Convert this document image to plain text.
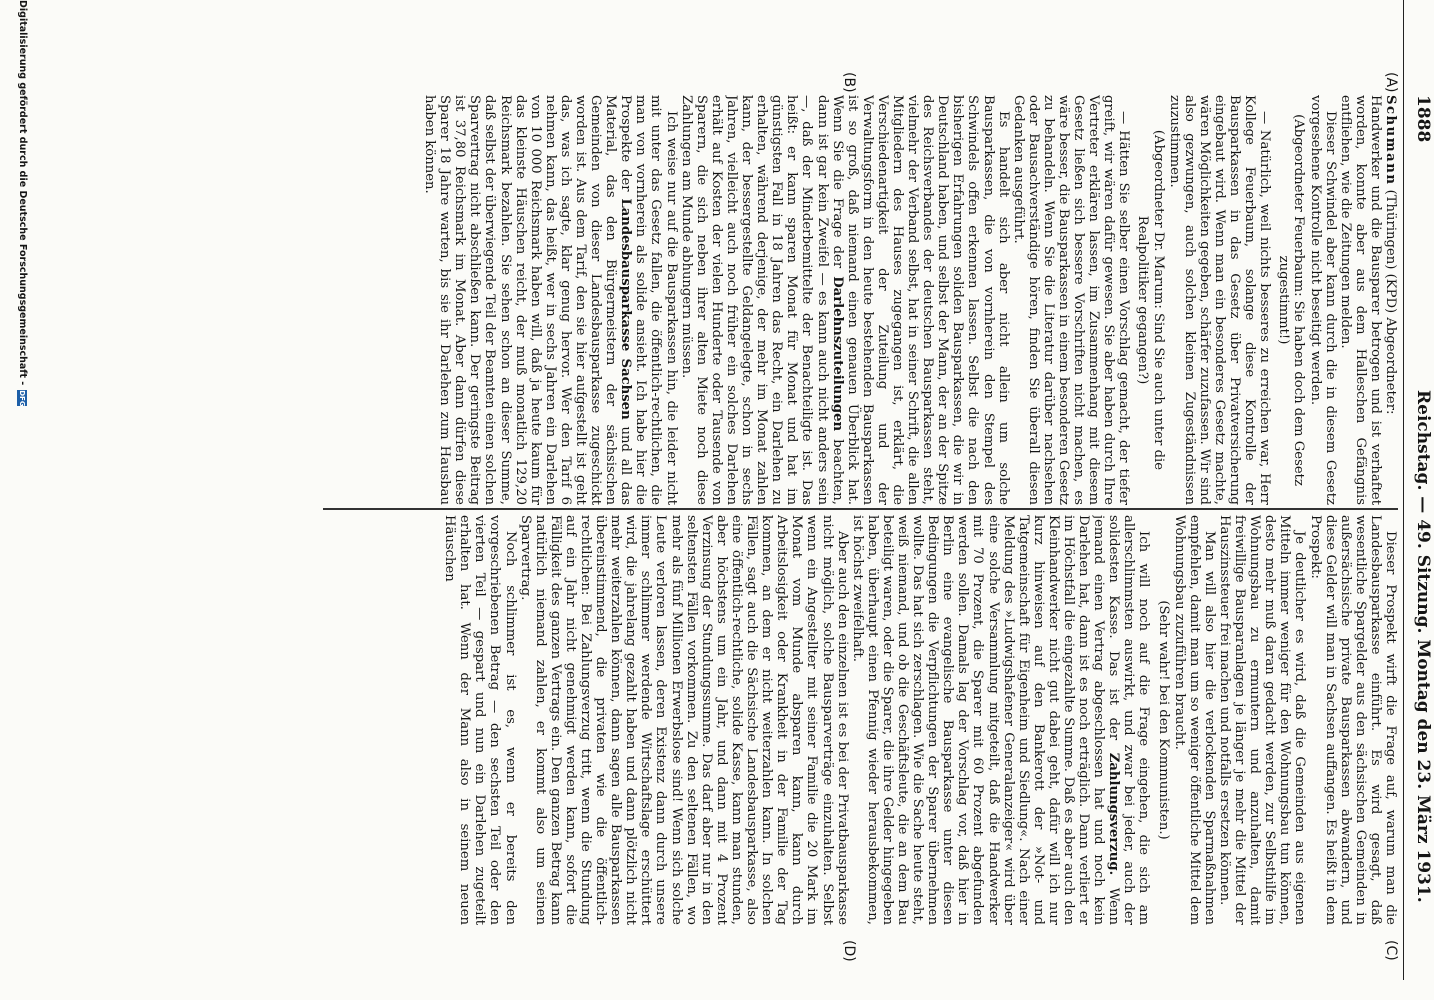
1888
Reichstag. — 49. Sitzung. Montag den 23. März 1931.
(A)
(B)
(C)
(D)

Schumann (Thüringen) (KPD) Abgeordneter:

Handwerker und die Bausparer betrogen und ist verhaftet worden, konnte aber aus dem Halleschen Gefängnis entfliehen, wie die Zeitungen melden.

Dieser Schwindel aber kann durch die in diesem Gesetz vorgesehene Kontrolle nicht beseitigt werden.

(Abgeordneter Feuerbaum: Sie haben doch dem Gesetz zugestimmt!)

— Natürlich, weil nichts besseres zu erreichen war, Herr Kollege Feuerbaum, solange diese Kontrolle der Bausparkassen in das Gesetz über Privatversicherung eingebaut wird. Wenn man ein besonderes Gesetz machte, wären Möglichkeiten gegeben, schärfer zuzufassen. Wir sind also gezwungen, auch solchen kleinen Zugeständnissen zuzustimmen.

(Abgeordneter Dr. Marum: Sind Sie auch unter die Realpolitiker gegangen?)

— Hätten Sie selber einen Vorschlag gemacht, der tiefer greift, wir wären dafür gewesen. Sie aber haben durch Ihre Vertreter erklären lassen, im Zusammenhang mit diesem Gesetz ließen sich bessere Vorschriften nicht machen, es wäre besser, die Bausparkassen in einem besonderen Gesetz zu behandeln. Wenn Sie die Literatur darüber nachsehen oder Bausachverständige hören, finden Sie überall diesen Gedanken ausgeführt.

Es handelt sich aber nicht allein um solche Bausparkassen, die von vornherein den Stempel des Schwindels offen erkennen lassen. Selbst die nach den bisherigen Erfahrungen soliden Bausparkassen, die wir in Deutschland haben, und selbst der Mann, der an der Spitze des Reichsverbandes der deutschen Bausparkassen steht, vielmehr der Verband selbst, hat in seiner Schrift, die allen Mitgliedern des Hauses zugegangen ist, erklärt, die Verschiedenartigkeit der Zuteilung und der Verwaltungsform in den heute bestehenden Bausparkassen ist so groß, daß niemand einen genauen Überblick hat. Wenn Sie die Frage der Darlehnszuteilungen beachten, dann ist gar kein Zweifel — es kann auch nicht anders sein —, daß der Minderbemittelte der Benachteiligte ist. Das heißt: er kann sparen Monat für Monat und hat im günstigsten Fall in 18 Jahren das Recht, ein Darlehen zu erhalten, während derjenige, der mehr im Monat zahlen kann, der bessergestellte Geldangelegte, schon in sechs Jahren, vielleicht auch noch früher ein solches Darlehen erhält auf Kosten der vielen Hunderte oder Tausende von Sparern, die sich neben ihrer alten Miete noch diese Zahlungen am Munde abhungern müssen.

Ich weise nur auf die Bausparkassen hin, die leider nicht mit unter das Gesetz fallen, die öffentlich-rechtlichen, die man von vornherein als solide ansieht. Ich habe hier die Prospekte der Landesbausparkasse Sachsen und all das Material, das den Bürgermeistern der sächsischen Gemeinden von dieser Landesbausparkasse zugeschickt worden ist. Aus dem Tarif, den sie hier aufgestellt ist geht das, was ich sagte, klar genug hervor. Wer den Tarif 6 nehmen kann, das heißt, wer in sechs Jahren ein Darlehen von 10 000 Reichsmark haben will, daß ja heute kaum für das kleinste Häuschen reicht, der muß monatlich 129,20 Reichsmark bezahlen. Sie sehen schon an dieser Summe, daß selbst der überwiegende Teil der Beamten einen solchen Sparvertrag nicht abschließen kann. Der geringste Beitrag ist 37,80 Reichsmark im Monat. Aber dann dürfen diese Sparer 18 Jahre warten, bis sie ihr Darlehen zum Hausbau haben können.

Dieser Prospekt wirft die Frage auf, warum man die Landesbausparkasse einführt. Es wird gesagt, daß wesentliche Spargelder aus den sächsischen Gemeinden in außersächsische private Bausparkassen abwandern, und diese Gelder will man in Sachsen auffangen. Es heißt in dem Prospekt:

Je deutlicher es wird, daß die Gemeinden aus eigenen Mitteln immer weniger für den Wohnungsbau tun können, desto mehr muß daran gedacht werden, zur Selbsthilfe im Wohnungsbau zu ermuntern und anzuhalten, damit freiwillige Bausparanlagen je länger je mehr die Mittel der Hauszinssteuer frei machen und notfalls ersetzen können.

Man will also hier die verlockenden Sparmaßnahmen empfehlen, damit man um so weniger öffentliche Mittel dem Wohnungsbau zuzuführen braucht.

(Sehr wahr! bei den Kommunisten.)

Ich will noch auf die Frage eingehen, die sich am allerschlimmsten auswirkt, und zwar bei jeder, auch der solidesten Kasse. Das ist der Zahlungsverzug. Wenn jemand einen Vertrag abgeschlossen hat und noch kein Darlehen hat, dann ist es noch erträglich. Dann verliert er im Höchstfall die eingezahlte Summe. Daß es aber auch den Kleinhandwerker nicht gut dabei geht, dafür will ich nur kurz hinweisen auf den Bankerott der »Not- und Tatgemeinschaft für Eigenheim und Siedlung«. Nach einer Meldung des »Ludwigshafener Generalanzeiger« wird über eine solche Versammlung mitgeteilt, daß die Handwerker mit 70 Prozent, die Sparer mit 60 Prozent abgefunden werden sollen. Damals lag der Vorschlag vor, daß hier in Berlin eine evangelische Bausparkasse unter diesen Bedingungen die Verpflichtungen der Sparer übernehmen wollte. Das hat sich zerschlagen. Wie die Sache heute steht, weiß niemand, und ob die Geschäftsleute, die an dem Bau beteiligt waren, oder die Sparer, die ihre Gelder hingegeben haben, überhaupt einen Pfennig wieder herausbekommen, ist höchst zweifelhaft.

Aber auch den einzelnen ist es bei der Privatbausparkasse nicht möglich, solche Bausparverträge einzuhalten. Selbst wenn ein Angestellter mit seiner Familie die 20 Mark im Monat vom Munde absparen kann, kann durch Arbeitslosigkeit oder Krankheit in der Familie der Tag kommen, an dem er nicht weiterzahlen kann. In solchen Fällen, sagt auch die Sächsische Landesbausparkasse, also eine öffentlich-rechtliche, solide Kasse, kann man stunden, aber höchstens um ein Jahr, und dann mit 4 Prozent Verzinsung der Stundungssumme. Das darf aber nur in den seltensten Fällen vorkommen. Zu den seltenen Fällen, wo mehr als fünf Millionen Erwerbslose sind! Wenn sich solche Leute verloren lassen, deren Existenz dann durch unsere immer schlimmer werdende Wirtschaftslage erschüttert wird, die jahrelang gezahlt haben und dann plötzlich nicht mehr weiterzahlen können, dann sagen alle Bausparkassen übereinstimmend, die privaten wie die öffentlich-rechtlichen: Bei Zahlungsverzug tritt, wenn die Stundung auf ein Jahr nicht genehmigt werden kann, sofort die Fälligkeit des ganzen Vertrags ein. Den ganzen Betrag kann natürlich niemand zahlen, er kommt also um seinen Sparvertrag.

Noch schlimmer ist es, wenn er bereits den vorgeschriebenen Betrag — den sechsten Teil oder den vierten Teil — gespart und nun ein Darlehen zugeteilt erhalten hat. Wenn der Mann also in seinem neuen Häuschen

Digitalisierung gefördert durch die Deutsche Forschungsgemeinschaft -DFG
